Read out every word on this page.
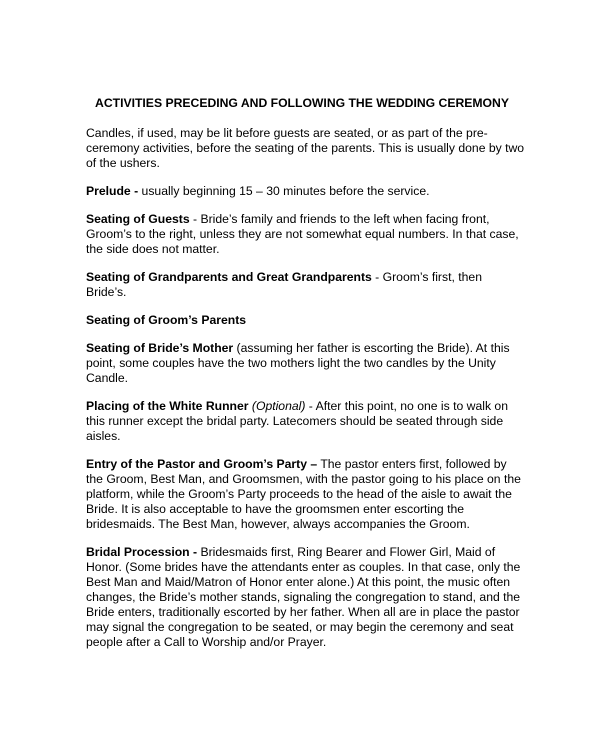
ACTIVITIES PRECEDING AND FOLLOWING THE WEDDING CEREMONY

Candles, if used, may be lit before guests are seated, or as part of the pre-
ceremony activities, before the seating of the parents. This is usually done by two
of the ushers.

Prelude - usually beginning 15 – 30 minutes before the service.

Seating of Guests - Bride’s family and friends to the left when facing front,
Groom’s to the right, unless they are not somewhat equal numbers. In that case,
the side does not matter.

Seating of Grandparents and Great Grandparents - Groom’s first, then
Bride’s.

Seating of Groom’s Parents

Seating of Bride’s Mother (assuming her father is escorting the Bride). At this
point, some couples have the two mothers light the two candles by the Unity
Candle.

Placing of the White Runner (Optional) - After this point, no one is to walk on
this runner except the bridal party. Latecomers should be seated through side
aisles.

Entry of the Pastor and Groom’s Party – The pastor enters first, followed by
the Groom, Best Man, and Groomsmen, with the pastor going to his place on the
platform, while the Groom’s Party proceeds to the head of the aisle to await the
Bride. It is also acceptable to have the groomsmen enter escorting the
bridesmaids. The Best Man, however, always accompanies the Groom.

Bridal Procession - Bridesmaids first, Ring Bearer and Flower Girl, Maid of
Honor. (Some brides have the attendants enter as couples. In that case, only the
Best Man and Maid/Matron of Honor enter alone.) At this point, the music often
changes, the Bride’s mother stands, signaling the congregation to stand, and the
Bride enters, traditionally escorted by her father. When all are in place the pastor
may signal the congregation to be seated, or may begin the ceremony and seat
people after a Call to Worship and/or Prayer.
